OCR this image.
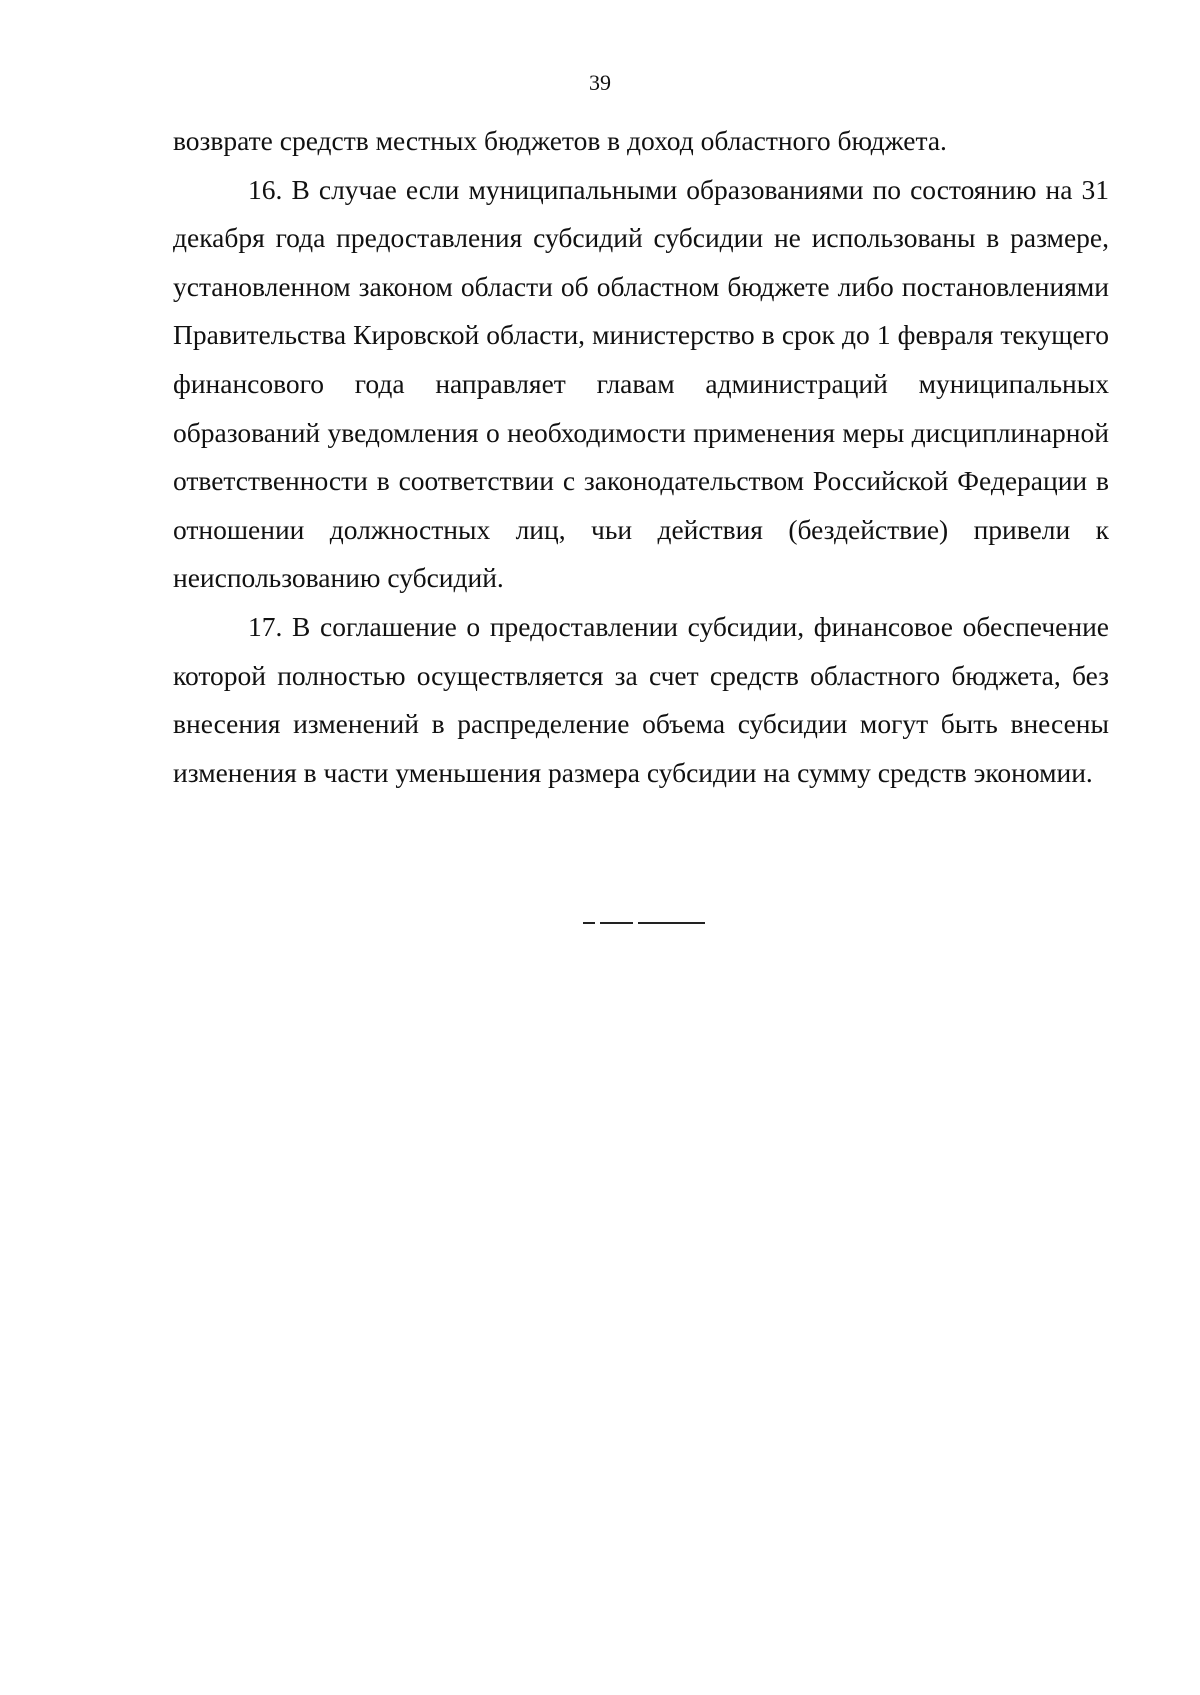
39

возврате средств местных бюджетов в доход областного бюджета.

16. В случае если муниципальными образованиями по состоянию на 31 декабря года предоставления субсидий субсидии не использованы в размере, установленном законом области об областном бюджете либо постановлениями Правительства Кировской области, министерство в срок до 1 февраля текущего финансового года направляет главам администраций муниципальных образований уведомления о необходимости применения меры дисциплинарной ответственности в соответствии с законодательством Российской Федерации в отношении должностных лиц, чьи действия (бездействие) привели к неиспользованию субсидий.

17. В соглашение о предоставлении субсидии, финансовое обеспечение которой полностью осуществляется за счет средств областного бюджета, без внесения изменений в распределение объема субсидии могут быть внесены изменения в части уменьшения размера субсидии на сумму средств экономии.
